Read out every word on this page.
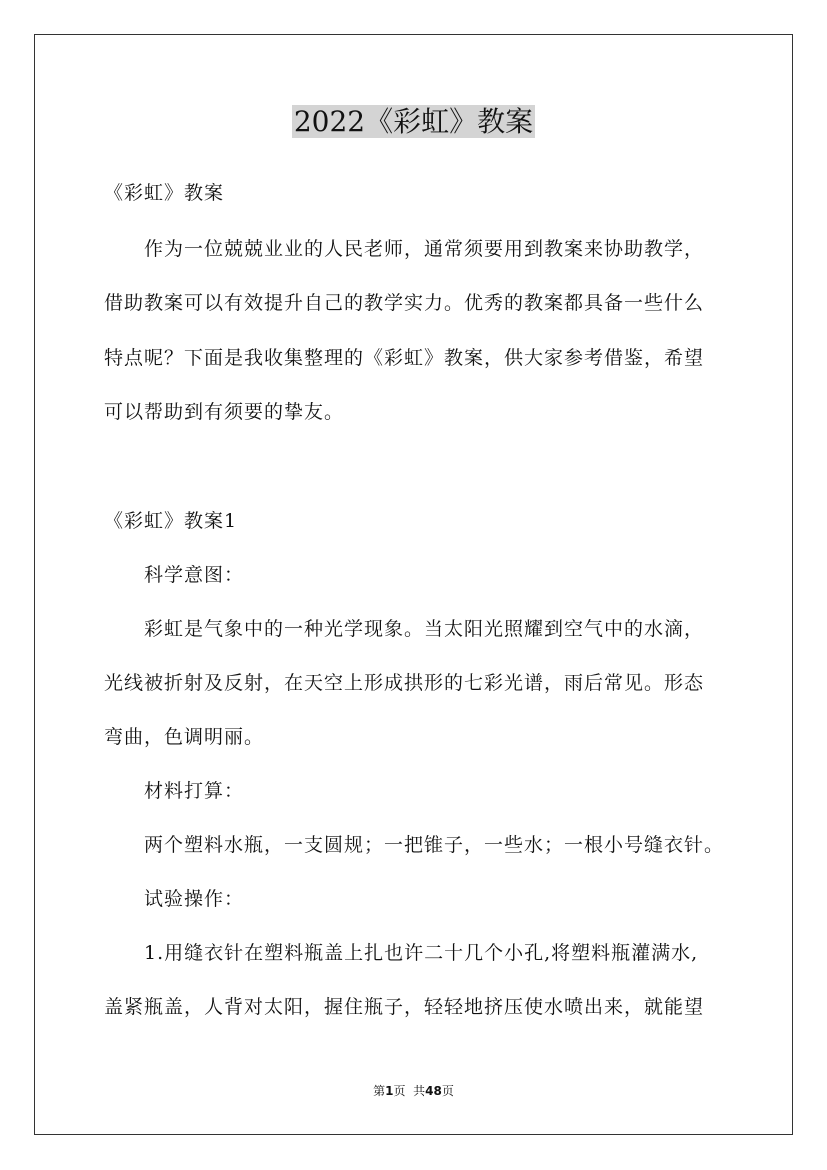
2022《彩虹》教案
《彩虹》教案
作为一位兢兢业业的人民老师，通常须要用到教案来协助教学，
借助教案可以有效提升自己的教学实力。优秀的教案都具备一些什么
特点呢？下面是我收集整理的《彩虹》教案，供大家参考借鉴，希望
可以帮助到有须要的挚友。
《彩虹》教案1
科学意图：
彩虹是气象中的一种光学现象。当太阳光照耀到空气中的水滴，
光线被折射及反射，在天空上形成拱形的七彩光谱，雨后常见。形态
弯曲，色调明丽。
材料打算：
两个塑料水瓶，一支圆规；一把锥子，一些水；一根小号缝衣针。
试验操作：
1.用缝衣针在塑料瓶盖上扎也许二十几个小孔,将塑料瓶灌满水,
盖紧瓶盖，人背对太阳，握住瓶子，轻轻地挤压使水喷出来，就能望
第1页 共48页
